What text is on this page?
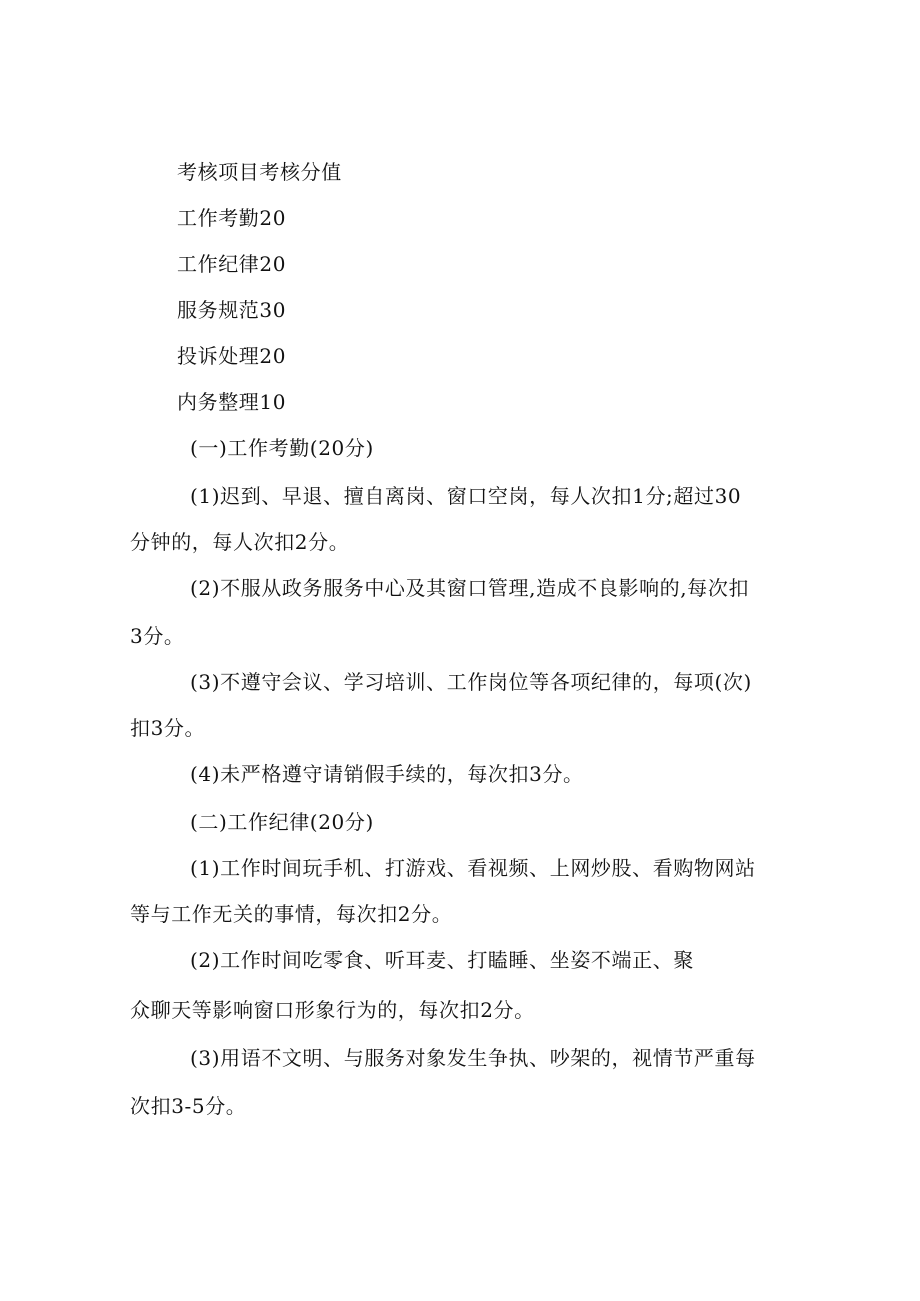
考核项目考核分值
工作考勤20
工作纪律20
服务规范30
投诉处理20
内务整理10
(一)工作考勤(20分)
(1)迟到、早退、擅自离岗、窗口空岗，每人次扣1分;超过30
分钟的，每人次扣2分。
(2)不服从政务服务中心及其窗口管理,造成不良影响的,每次扣
3分。
(3)不遵守会议、学习培训、工作岗位等各项纪律的，每项(次)
扣3分。
(4)未严格遵守请销假手续的，每次扣3分。
(二)工作纪律(20分)
(1)工作时间玩手机、打游戏、看视频、上网炒股、看购物网站
等与工作无关的事情，每次扣2分。
(2)工作时间吃零食、听耳麦、打瞌睡、坐姿不端正、聚
众聊天等影响窗口形象行为的，每次扣2分。
(3)用语不文明、与服务对象发生争执、吵架的，视情节严重每
次扣3-5分。
